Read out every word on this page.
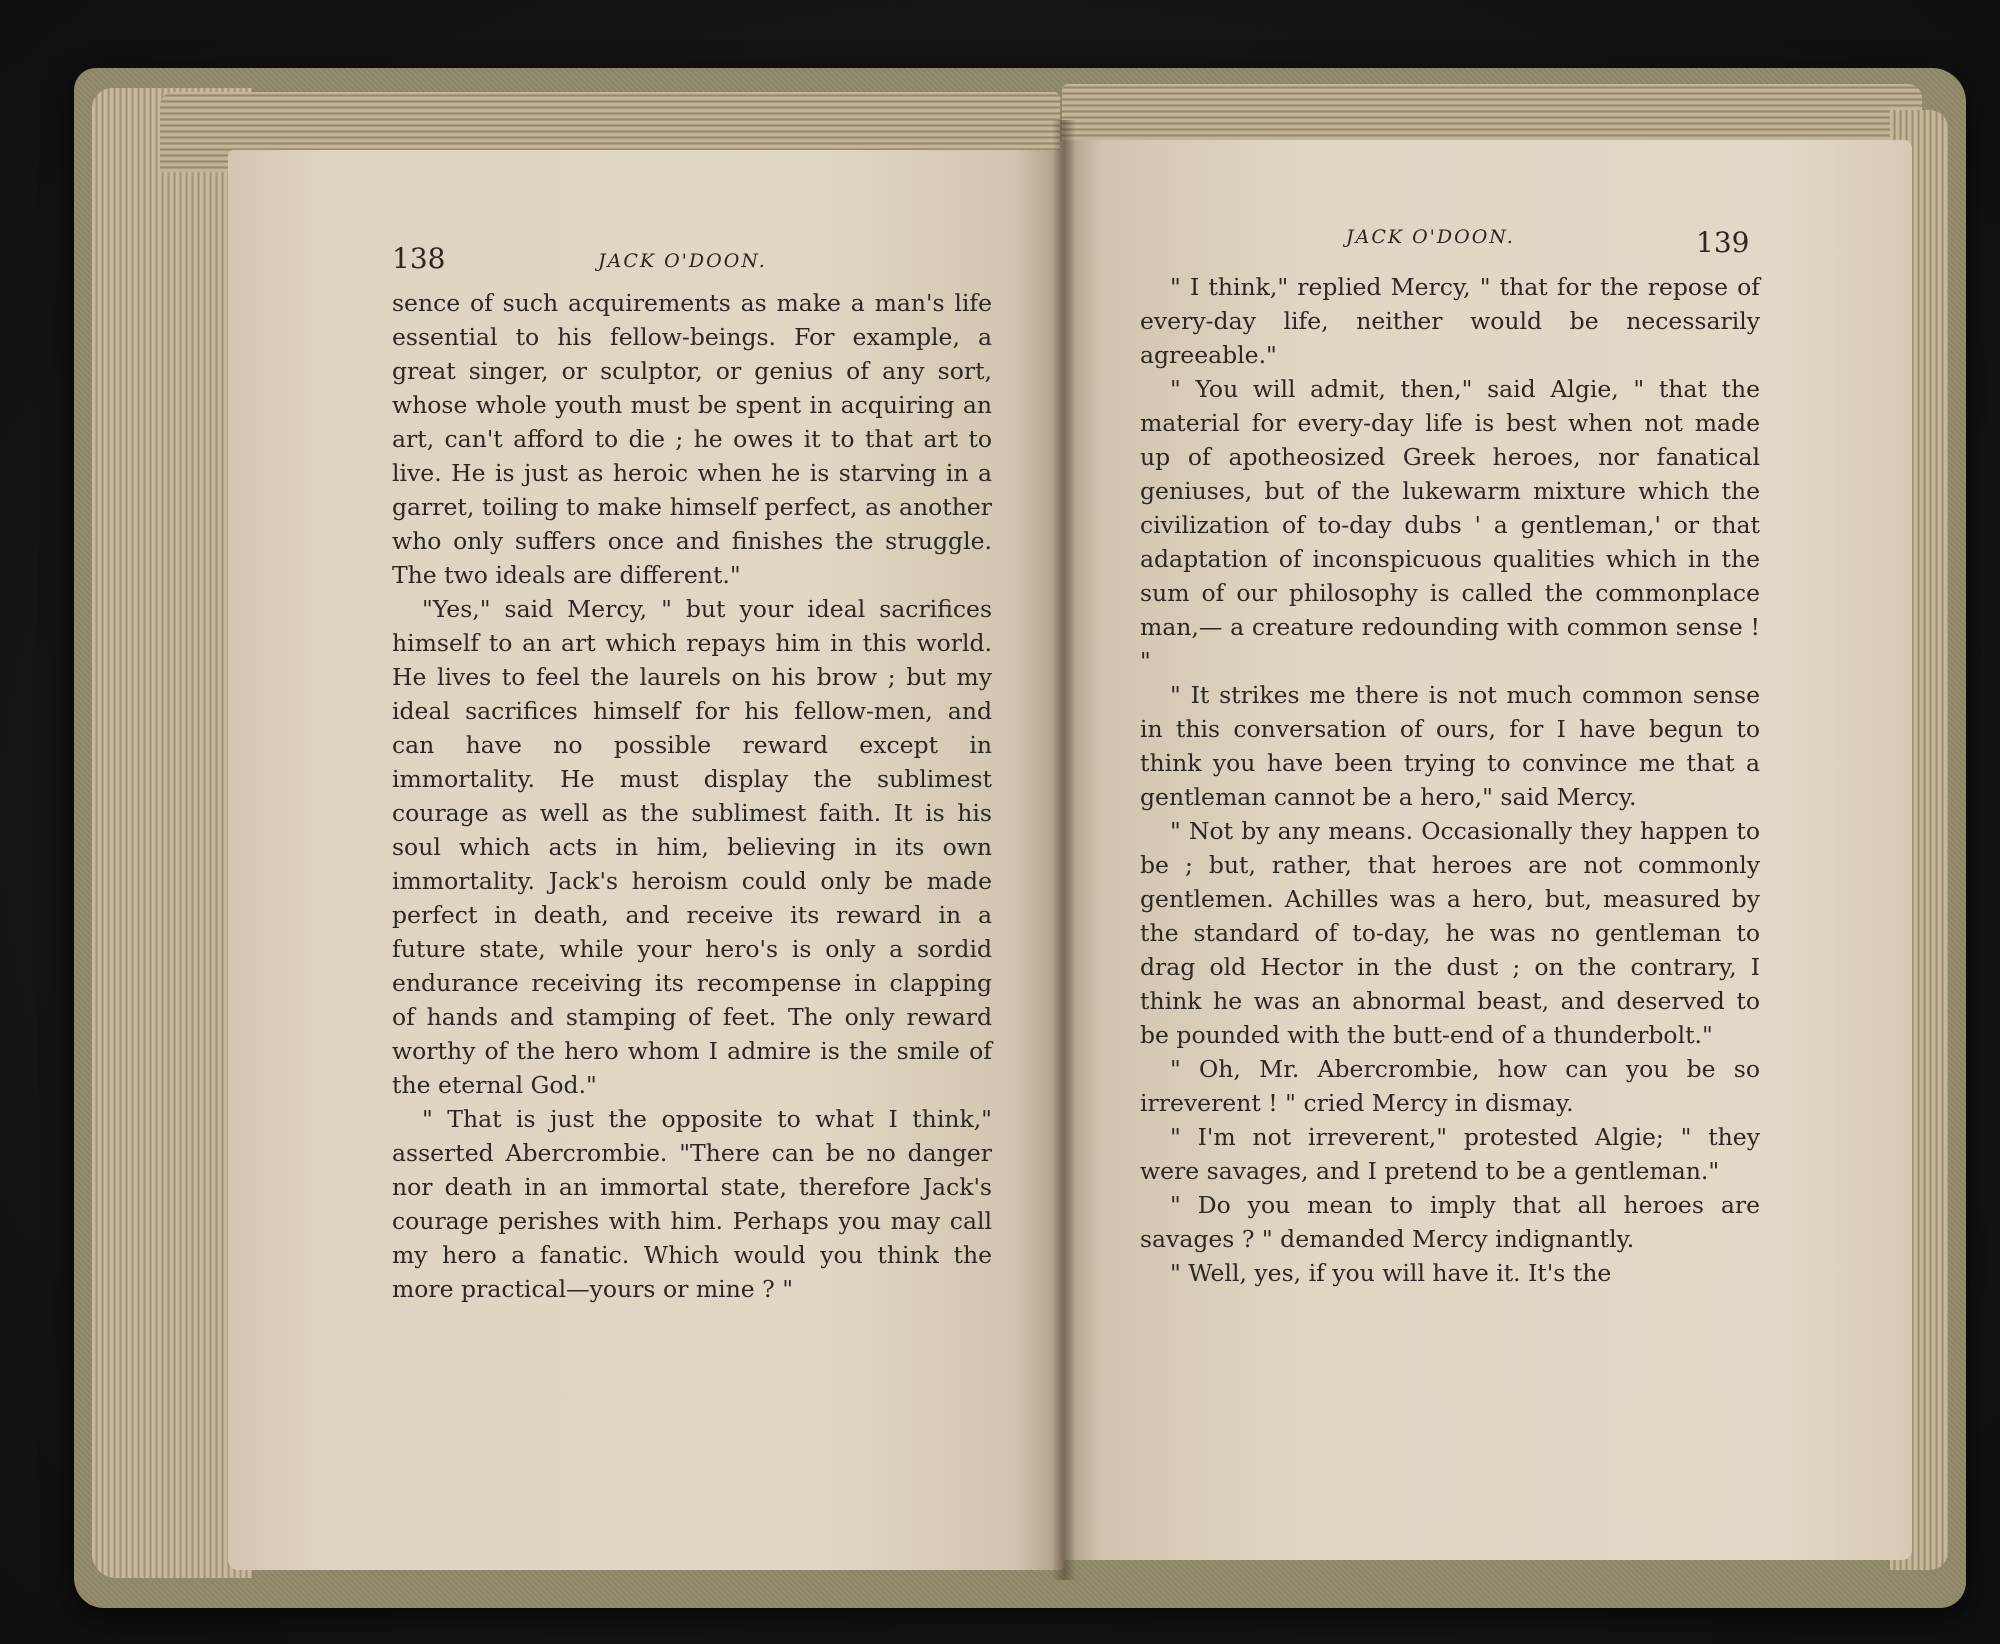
138	JACK O'DOON.

sence of such acquirements as make a man's life essential to his fellow-beings. For example, a great singer, or sculptor, or genius of any sort, whose whole youth must be spent in acquiring an art, can't afford to die ; he owes it to that art to live. He is just as heroic when he is starving in a garret, toiling to make himself perfect, as another who only suffers once and finishes the struggle. The two ideals are different."

"Yes," said Mercy, " but your ideal sacrifices himself to an art which repays him in this world. He lives to feel the laurels on his brow ; but my ideal sacrifices himself for his fellow-men, and can have no possible reward except in immortality. He must display the sublimest courage as well as the sublimest faith. It is his soul which acts in him, believing in its own immortality. Jack's heroism could only be made perfect in death, and receive its reward in a future state, while your hero's is only a sordid endurance receiving its recompense in clapping of hands and stamping of feet. The only reward worthy of the hero whom I admire is the smile of the eternal God."

" That is just the opposite to what I think," asserted Abercrombie. "There can be no danger nor death in an immortal state, therefore Jack's courage perishes with him. Perhaps you may call my hero a fanatic. Which would you think the more practical—yours or mine ? "

JACK O'DOON.	139

" I think," replied Mercy, " that for the repose of every-day life, neither would be necessarily agreeable."

" You will admit, then," said Algie, " that the material for every-day life is best when not made up of apotheosized Greek heroes, nor fanatical geniuses, but of the lukewarm mixture which the civilization of to-day dubs ' a gentleman,' or that adaptation of inconspicuous qualities which in the sum of our philosophy is called the commonplace man,— a creature redounding with common sense ! "

" It strikes me there is not much common sense in this conversation of ours, for I have begun to think you have been trying to convince me that a gentleman cannot be a hero," said Mercy.

" Not by any means. Occasionally they happen to be ; but, rather, that heroes are not commonly gentlemen. Achilles was a hero, but, measured by the standard of to-day, he was no gentleman to drag old Hector in the dust ; on the contrary, I think he was an abnormal beast, and deserved to be pounded with the butt-end of a thunderbolt."

" Oh, Mr. Abercrombie, how can you be so irreverent ! " cried Mercy in dismay.

" I'm not irreverent," protested Algie; " they were savages, and I pretend to be a gentleman."

" Do you mean to imply that all heroes are savages ? " demanded Mercy indignantly.

" Well, yes, if you will have it. It's the
